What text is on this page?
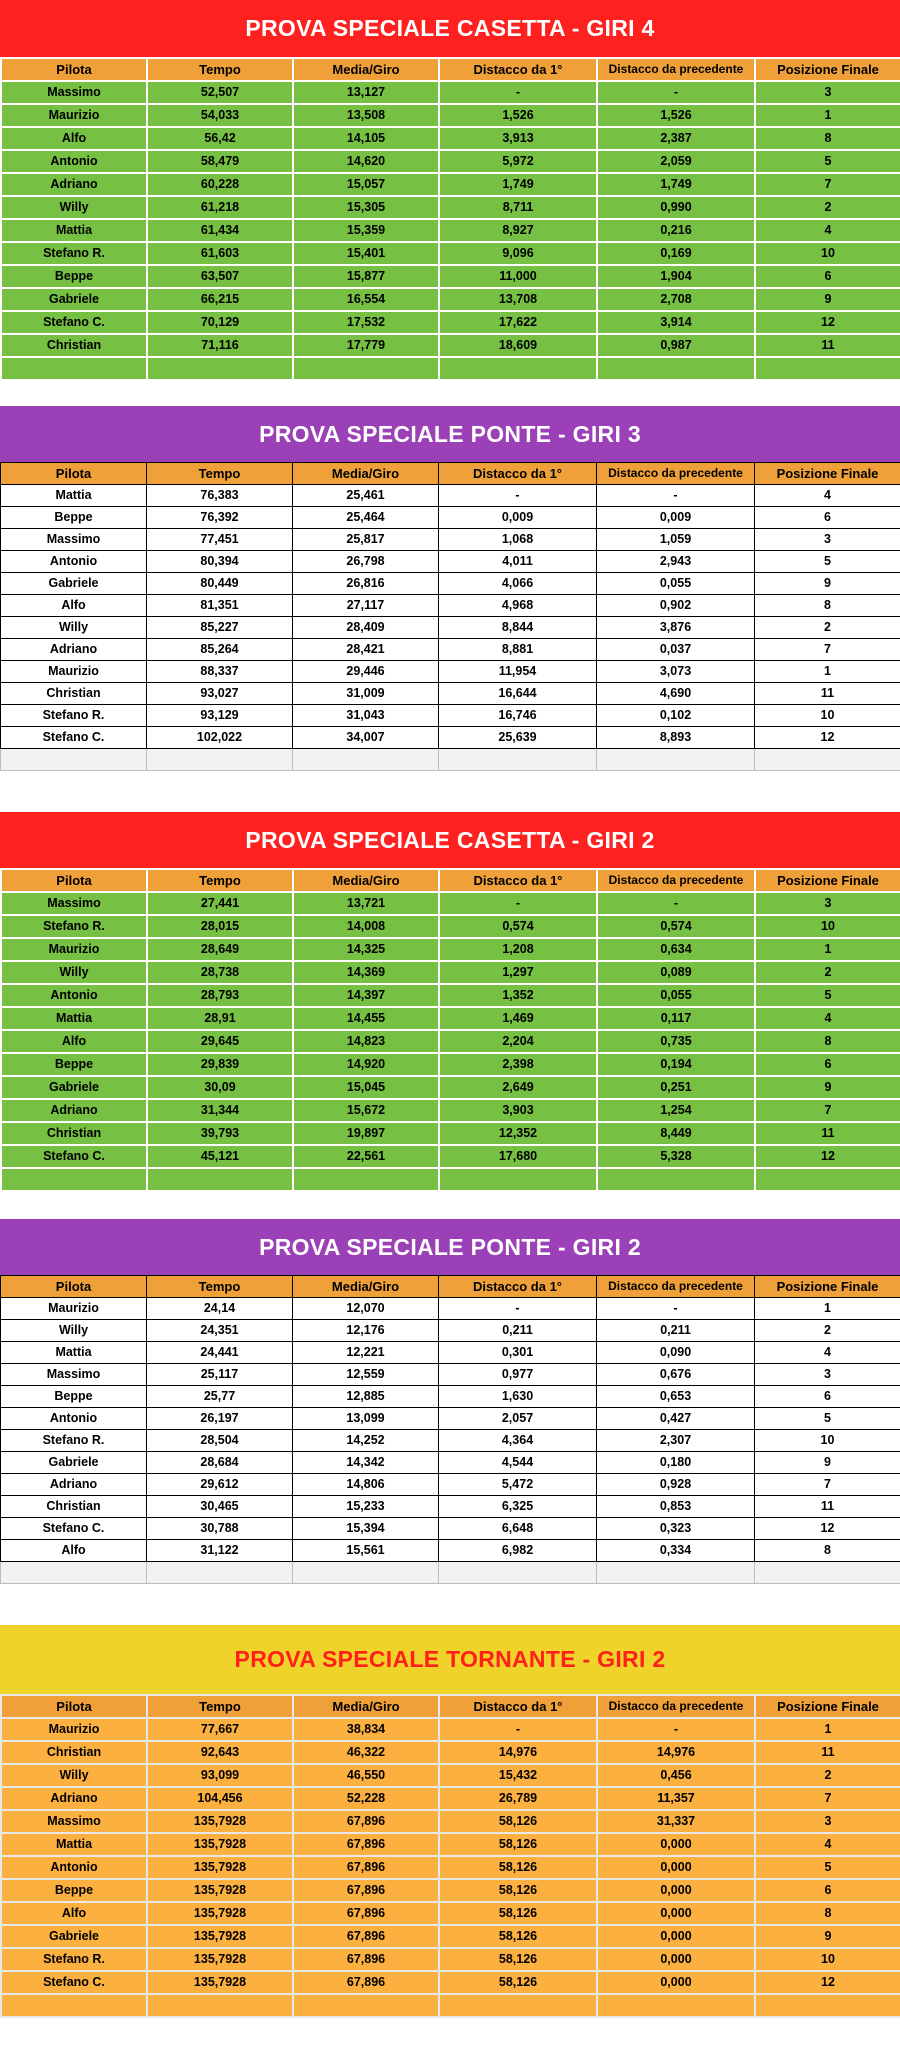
PROVA SPECIALE CASETTA - GIRI 4
Pilota	Tempo	Media/Giro	Distacco da 1°	Distacco da precedente	Posizione Finale
Massimo	52,507	13,127	-	-	3
Maurizio	54,033	13,508	1,526	1,526	1
Alfo	56,42	14,105	3,913	2,387	8
Antonio	58,479	14,620	5,972	2,059	5
Adriano	60,228	15,057	1,749	1,749	7
Willy	61,218	15,305	8,711	0,990	2
Mattia	61,434	15,359	8,927	0,216	4
Stefano R.	61,603	15,401	9,096	0,169	10
Beppe	63,507	15,877	11,000	1,904	6
Gabriele	66,215	16,554	13,708	2,708	9
Stefano C.	70,129	17,532	17,622	3,914	12
Christian	71,116	17,779	18,609	0,987	11

PROVA SPECIALE PONTE - GIRI 3
Pilota	Tempo	Media/Giro	Distacco da 1°	Distacco da precedente	Posizione Finale
Mattia	76,383	25,461	-	-	4
Beppe	76,392	25,464	0,009	0,009	6
Massimo	77,451	25,817	1,068	1,059	3
Antonio	80,394	26,798	4,011	2,943	5
Gabriele	80,449	26,816	4,066	0,055	9
Alfo	81,351	27,117	4,968	0,902	8
Willy	85,227	28,409	8,844	3,876	2
Adriano	85,264	28,421	8,881	0,037	7
Maurizio	88,337	29,446	11,954	3,073	1
Christian	93,027	31,009	16,644	4,690	11
Stefano R.	93,129	31,043	16,746	0,102	10
Stefano C.	102,022	34,007	25,639	8,893	12

PROVA SPECIALE CASETTA - GIRI 2
Pilota	Tempo	Media/Giro	Distacco da 1°	Distacco da precedente	Posizione Finale
Massimo	27,441	13,721	-	-	3
Stefano R.	28,015	14,008	0,574	0,574	10
Maurizio	28,649	14,325	1,208	0,634	1
Willy	28,738	14,369	1,297	0,089	2
Antonio	28,793	14,397	1,352	0,055	5
Mattia	28,91	14,455	1,469	0,117	4
Alfo	29,645	14,823	2,204	0,735	8
Beppe	29,839	14,920	2,398	0,194	6
Gabriele	30,09	15,045	2,649	0,251	9
Adriano	31,344	15,672	3,903	1,254	7
Christian	39,793	19,897	12,352	8,449	11
Stefano C.	45,121	22,561	17,680	5,328	12

PROVA SPECIALE PONTE - GIRI 2
Pilota	Tempo	Media/Giro	Distacco da 1°	Distacco da precedente	Posizione Finale
Maurizio	24,14	12,070	-	-	1
Willy	24,351	12,176	0,211	0,211	2
Mattia	24,441	12,221	0,301	0,090	4
Massimo	25,117	12,559	0,977	0,676	3
Beppe	25,77	12,885	1,630	0,653	6
Antonio	26,197	13,099	2,057	0,427	5
Stefano R.	28,504	14,252	4,364	2,307	10
Gabriele	28,684	14,342	4,544	0,180	9
Adriano	29,612	14,806	5,472	0,928	7
Christian	30,465	15,233	6,325	0,853	11
Stefano C.	30,788	15,394	6,648	0,323	12
Alfo	31,122	15,561	6,982	0,334	8

PROVA SPECIALE TORNANTE - GIRI 2
Pilota	Tempo	Media/Giro	Distacco da 1°	Distacco da precedente	Posizione Finale
Maurizio	77,667	38,834	-	-	1
Christian	92,643	46,322	14,976	14,976	11
Willy	93,099	46,550	15,432	0,456	2
Adriano	104,456	52,228	26,789	11,357	7
Massimo	135,7928	67,896	58,126	31,337	3
Mattia	135,7928	67,896	58,126	0,000	4
Antonio	135,7928	67,896	58,126	0,000	5
Beppe	135,7928	67,896	58,126	0,000	6
Alfo	135,7928	67,896	58,126	0,000	8
Gabriele	135,7928	67,896	58,126	0,000	9
Stefano R.	135,7928	67,896	58,126	0,000	10
Stefano C.	135,7928	67,896	58,126	0,000	12
